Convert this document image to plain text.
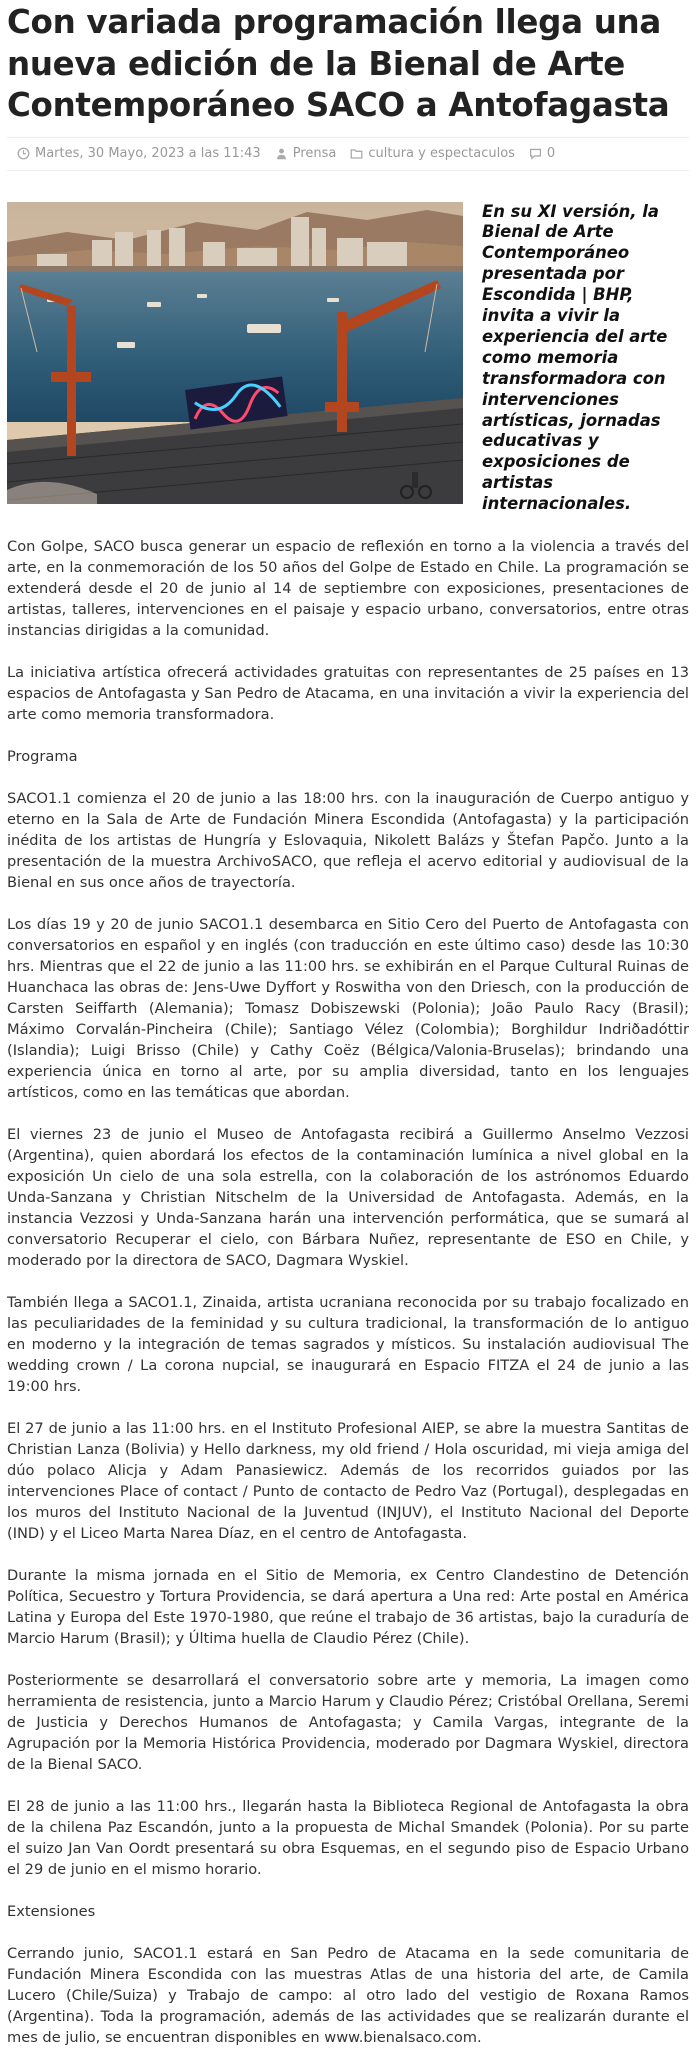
Con variada programación llega una nueva edición de la Bienal de Arte Contemporáneo SACO a Antofagasta
Martes, 30 Mayo, 2023 a las 11:43 Prensa cultura y espectaculos 0

En su XI versión, la Bienal de Arte Contemporáneo presentada por Escondida | BHP, invita a vivir la experiencia del arte como memoria transformadora con intervenciones artísticas, jornadas educativas y exposiciones de artistas internacionales.

Con Golpe, SACO busca generar un espacio de reflexión en torno a la violencia a través del arte, en la conmemoración de los 50 años del Golpe de Estado en Chile. La programación se extenderá desde el 20 de junio al 14 de septiembre con exposiciones, presentaciones de artistas, talleres, intervenciones en el paisaje y espacio urbano, conversatorios, entre otras instancias dirigidas a la comunidad.

La iniciativa artística ofrecerá actividades gratuitas con representantes de 25 países en 13 espacios de Antofagasta y San Pedro de Atacama, en una invitación a vivir la experiencia del arte como memoria transformadora.

Programa

SACO1.1 comienza el 20 de junio a las 18:00 hrs. con la inauguración de Cuerpo antiguo y eterno en la Sala de Arte de Fundación Minera Escondida (Antofagasta) y la participación inédita de los artistas de Hungría y Eslovaquia, Nikolett Balázs y Štefan Papčo. Junto a la presentación de la muestra ArchivoSACO, que refleja el acervo editorial y audiovisual de la Bienal en sus once años de trayectoría.

Los días 19 y 20 de junio SACO1.1 desembarca en Sitio Cero del Puerto de Antofagasta con conversatorios en español y en inglés (con traducción en este último caso) desde las 10:30 hrs. Mientras que el 22 de junio a las 11:00 hrs. se exhibirán en el Parque Cultural Ruinas de Huanchaca las obras de: Jens-Uwe Dyffort y Roswitha von den Driesch, con la producción de Carsten Seiffarth (Alemania); Tomasz Dobiszewski (Polonia); João Paulo Racy (Brasil); Máximo Corvalán-Pincheira (Chile); Santiago Vélez (Colombia); Borghildur Indriðadóttir (Islandia); Luigi Brisso (Chile) y Cathy Coëz (Bélgica/Valonia-Bruselas); brindando una experiencia única en torno al arte, por su amplia diversidad, tanto en los lenguajes artísticos, como en las temáticas que abordan.

El viernes 23 de junio el Museo de Antofagasta recibirá a Guillermo Anselmo Vezzosi (Argentina), quien abordará los efectos de la contaminación lumínica a nivel global en la exposición Un cielo de una sola estrella, con la colaboración de los astrónomos Eduardo Unda-Sanzana y Christian Nitschelm de la Universidad de Antofagasta. Además, en la instancia Vezzosi y Unda-Sanzana harán una intervención performática, que se sumará al conversatorio Recuperar el cielo, con Bárbara Nuñez, representante de ESO en Chile, y moderado por la directora de SACO, Dagmara Wyskiel.

También llega a SACO1.1, Zinaida, artista ucraniana reconocida por su trabajo focalizado en las peculiaridades de la feminidad y su cultura tradicional, la transformación de lo antiguo en moderno y la integración de temas sagrados y místicos. Su instalación audiovisual The wedding crown / La corona nupcial, se inaugurará en Espacio FITZA el 24 de junio a las 19:00 hrs.

El 27 de junio a las 11:00 hrs. en el Instituto Profesional AIEP, se abre la muestra Santitas de Christian Lanza (Bolivia) y Hello darkness, my old friend / Hola oscuridad, mi vieja amiga del dúo polaco Alicja y Adam Panasiewicz. Además de los recorridos guiados por las intervenciones Place of contact / Punto de contacto de Pedro Vaz (Portugal), desplegadas en los muros del Instituto Nacional de la Juventud (INJUV), el Instituto Nacional del Deporte (IND) y el Liceo Marta Narea Díaz, en el centro de Antofagasta.

Durante la misma jornada en el Sitio de Memoria, ex Centro Clandestino de Detención Política, Secuestro y Tortura Providencia, se dará apertura a Una red: Arte postal en América Latina y Europa del Este 1970-1980, que reúne el trabajo de 36 artistas, bajo la curaduría de Marcio Harum (Brasil); y Última huella de Claudio Pérez (Chile).

Posteriormente se desarrollará el conversatorio sobre arte y memoria, La imagen como herramienta de resistencia, junto a Marcio Harum y Claudio Pérez; Cristóbal Orellana, Seremi de Justicia y Derechos Humanos de Antofagasta; y Camila Vargas, integrante de la Agrupación por la Memoria Histórica Providencia, moderado por Dagmara Wyskiel, directora de la Bienal SACO.

El 28 de junio a las 11:00 hrs., llegarán hasta la Biblioteca Regional de Antofagasta la obra de la chilena Paz Escandón, junto a la propuesta de Michal Smandek (Polonia). Por su parte el suizo Jan Van Oordt presentará su obra Esquemas, en el segundo piso de Espacio Urbano el 29 de junio en el mismo horario.

Extensiones

Cerrando junio, SACO1.1 estará en San Pedro de Atacama en la sede comunitaria de Fundación Minera Escondida con las muestras Atlas de una historia del arte, de Camila Lucero (Chile/Suiza) y Trabajo de campo: al otro lado del vestigio de Roxana Ramos (Argentina). Toda la programación, además de las actividades que se realizarán durante el mes de julio, se encuentran disponibles en www.bienalsaco.com.
